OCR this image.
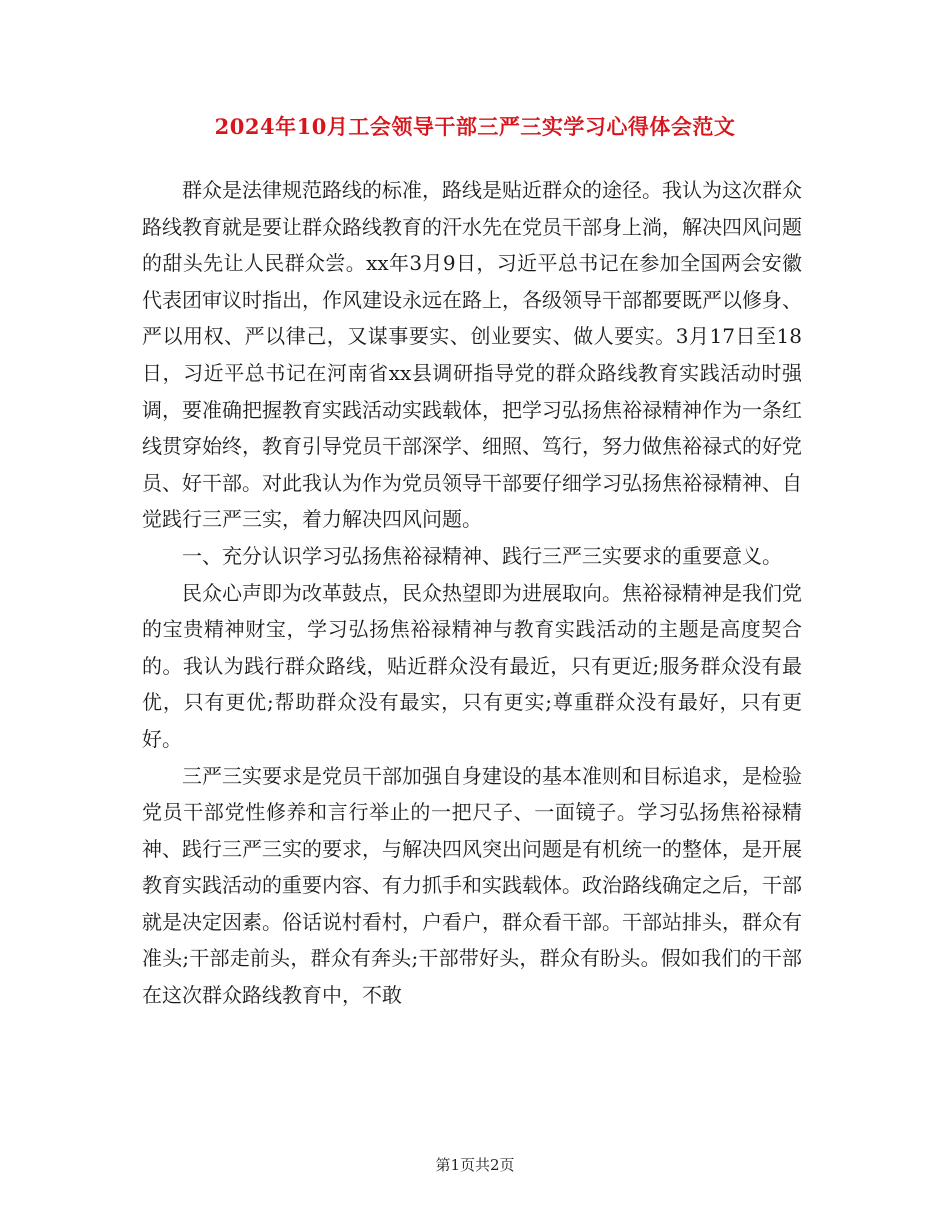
2024年10月工会领导干部三严三实学习心得体会范文

群众是法律规范路线的标准，路线是贴近群众的途径。我认为这次群众路线教育就是要让群众路线教育的汗水先在党员干部身上淌，解决四风问题的甜头先让人民群众尝。xx年3月9日，习近平总书记在参加全国两会安徽代表团审议时指出，作风建设永远在路上，各级领导干部都要既严以修身、严以用权、严以律己，又谋事要实、创业要实、做人要实。3月17日至18日，习近平总书记在河南省xx县调研指导党的群众路线教育实践活动时强调，要准确把握教育实践活动实践载体，把学习弘扬焦裕禄精神作为一条红线贯穿始终，教育引导党员干部深学、细照、笃行，努力做焦裕禄式的好党员、好干部。对此我认为作为党员领导干部要仔细学习弘扬焦裕禄精神、自觉践行三严三实，着力解决四风问题。

一、充分认识学习弘扬焦裕禄精神、践行三严三实要求的重要意义。

民众心声即为改革鼓点，民众热望即为进展取向。焦裕禄精神是我们党的宝贵精神财宝，学习弘扬焦裕禄精神与教育实践活动的主题是高度契合的。我认为践行群众路线，贴近群众没有最近，只有更近;服务群众没有最优，只有更优;帮助群众没有最实，只有更实;尊重群众没有最好，只有更好。

三严三实要求是党员干部加强自身建设的基本准则和目标追求，是检验党员干部党性修养和言行举止的一把尺子、一面镜子。学习弘扬焦裕禄精神、践行三严三实的要求，与解决四风突出问题是有机统一的整体，是开展教育实践活动的重要内容、有力抓手和实践载体。政治路线确定之后，干部就是决定因素。俗话说村看村，户看户，群众看干部。干部站排头，群众有准头;干部走前头，群众有奔头;干部带好头，群众有盼头。假如我们的干部在这次群众路线教育中，不敢

第1页共2页
